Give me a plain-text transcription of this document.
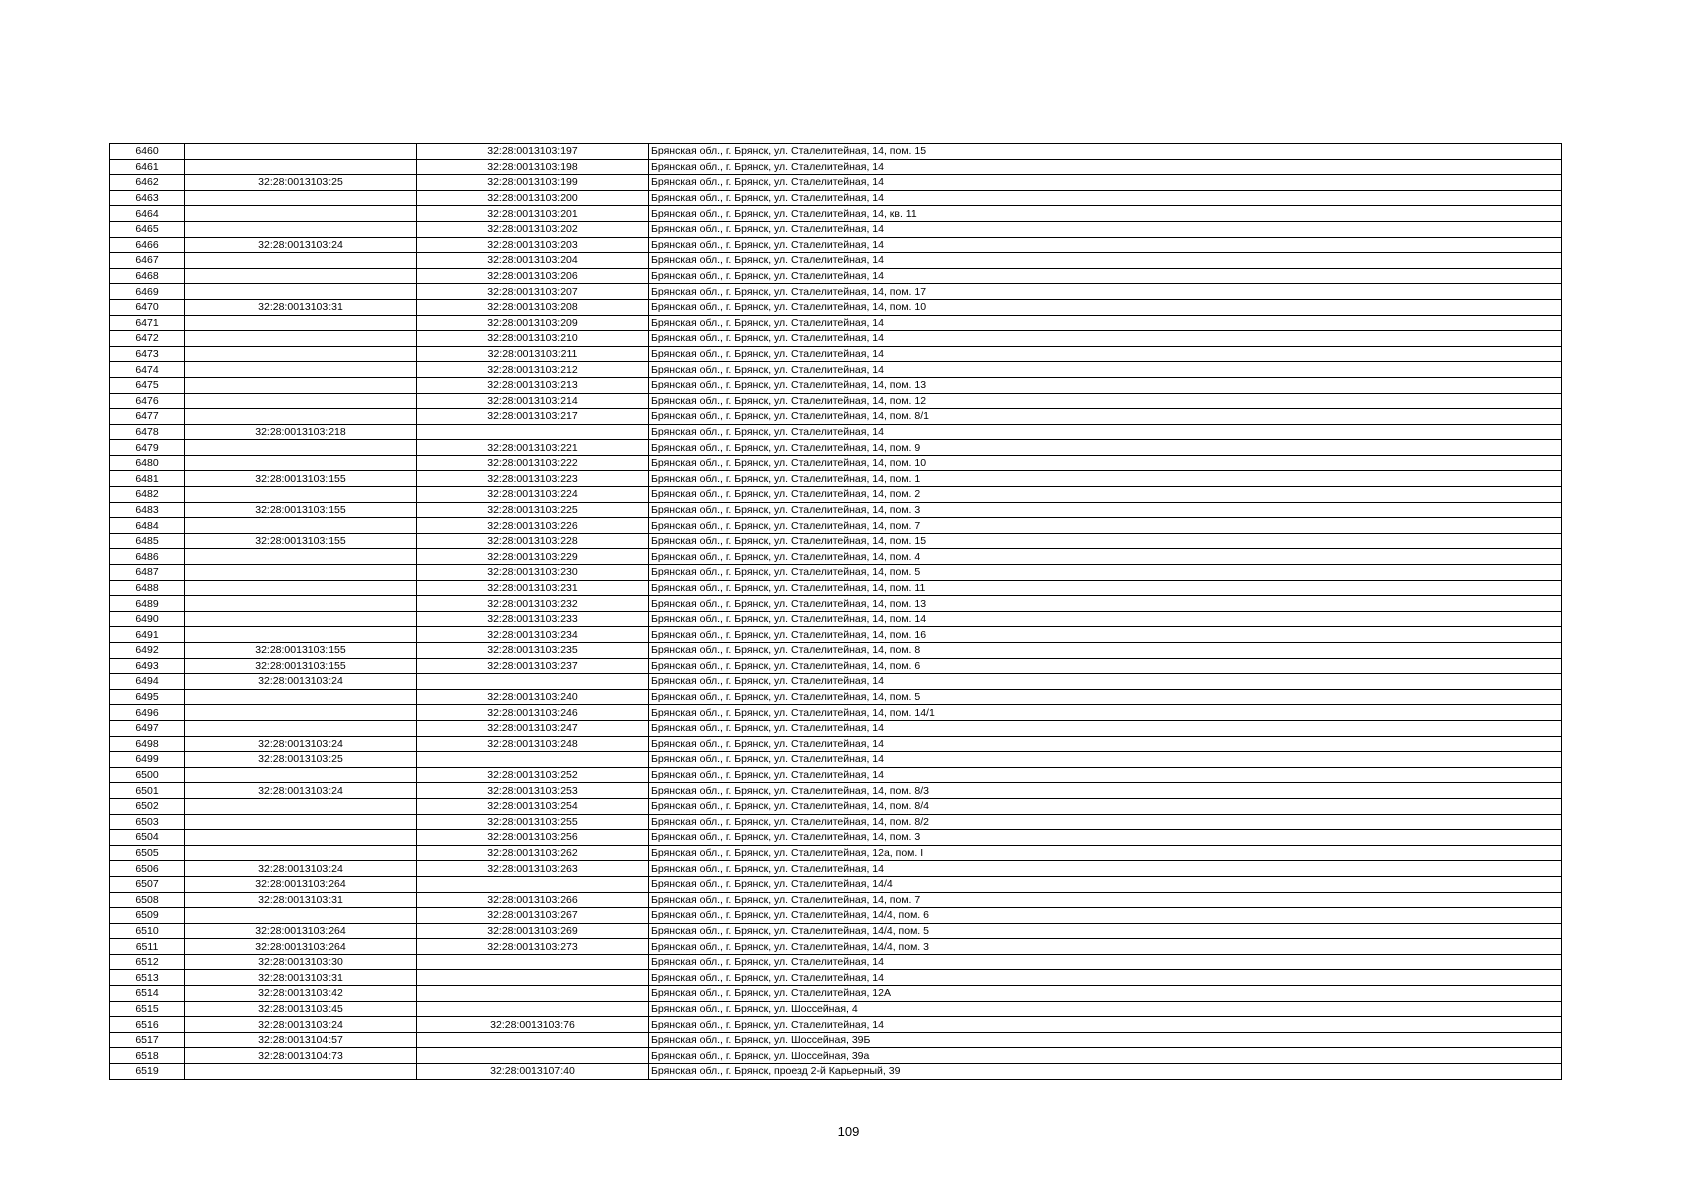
6460		32:28:0013103:197	Брянская обл., г. Брянск, ул. Сталелитейная, 14, пом. 15
6461		32:28:0013103:198	Брянская обл., г. Брянск, ул. Сталелитейная, 14
6462	32:28:0013103:25	32:28:0013103:199	Брянская обл., г. Брянск, ул. Сталелитейная, 14
6463		32:28:0013103:200	Брянская обл., г. Брянск, ул. Сталелитейная, 14
6464		32:28:0013103:201	Брянская обл., г. Брянск, ул. Сталелитейная, 14, кв. 11
6465		32:28:0013103:202	Брянская обл., г. Брянск, ул. Сталелитейная, 14
6466	32:28:0013103:24	32:28:0013103:203	Брянская обл., г. Брянск, ул. Сталелитейная, 14
6467		32:28:0013103:204	Брянская обл., г. Брянск, ул. Сталелитейная, 14
6468		32:28:0013103:206	Брянская обл., г. Брянск, ул. Сталелитейная, 14
6469		32:28:0013103:207	Брянская обл., г. Брянск, ул. Сталелитейная, 14, пом. 17
6470	32:28:0013103:31	32:28:0013103:208	Брянская обл., г. Брянск, ул. Сталелитейная, 14, пом. 10
6471		32:28:0013103:209	Брянская обл., г. Брянск, ул. Сталелитейная, 14
6472		32:28:0013103:210	Брянская обл., г. Брянск, ул. Сталелитейная, 14
6473		32:28:0013103:211	Брянская обл., г. Брянск, ул. Сталелитейная, 14
6474		32:28:0013103:212	Брянская обл., г. Брянск, ул. Сталелитейная, 14
6475		32:28:0013103:213	Брянская обл., г. Брянск, ул. Сталелитейная, 14, пом. 13
6476		32:28:0013103:214	Брянская обл., г. Брянск, ул. Сталелитейная, 14, пом. 12
6477		32:28:0013103:217	Брянская обл., г. Брянск, ул. Сталелитейная, 14, пом. 8/1
6478	32:28:0013103:218		Брянская обл., г. Брянск, ул. Сталелитейная, 14
6479		32:28:0013103:221	Брянская обл., г. Брянск, ул. Сталелитейная, 14, пом. 9
6480		32:28:0013103:222	Брянская обл., г. Брянск, ул. Сталелитейная, 14, пом. 10
6481	32:28:0013103:155	32:28:0013103:223	Брянская обл., г. Брянск, ул. Сталелитейная, 14, пом. 1
6482		32:28:0013103:224	Брянская обл., г. Брянск, ул. Сталелитейная, 14, пом. 2
6483	32:28:0013103:155	32:28:0013103:225	Брянская обл., г. Брянск, ул. Сталелитейная, 14, пом. 3
6484		32:28:0013103:226	Брянская обл., г. Брянск, ул. Сталелитейная, 14, пом. 7
6485	32:28:0013103:155	32:28:0013103:228	Брянская обл., г. Брянск, ул. Сталелитейная, 14, пом. 15
6486		32:28:0013103:229	Брянская обл., г. Брянск, ул. Сталелитейная, 14, пом. 4
6487		32:28:0013103:230	Брянская обл., г. Брянск, ул. Сталелитейная, 14, пом. 5
6488		32:28:0013103:231	Брянская обл., г. Брянск, ул. Сталелитейная, 14, пом. 11
6489		32:28:0013103:232	Брянская обл., г. Брянск, ул. Сталелитейная, 14, пом. 13
6490		32:28:0013103:233	Брянская обл., г. Брянск, ул. Сталелитейная, 14, пом. 14
6491		32:28:0013103:234	Брянская обл., г. Брянск, ул. Сталелитейная, 14, пом. 16
6492	32:28:0013103:155	32:28:0013103:235	Брянская обл., г. Брянск, ул. Сталелитейная, 14, пом. 8
6493	32:28:0013103:155	32:28:0013103:237	Брянская обл., г. Брянск, ул. Сталелитейная, 14, пом. 6
6494	32:28:0013103:24		Брянская обл., г. Брянск, ул. Сталелитейная, 14
6495		32:28:0013103:240	Брянская обл., г. Брянск, ул. Сталелитейная, 14, пом. 5
6496		32:28:0013103:246	Брянская обл., г. Брянск, ул. Сталелитейная, 14, пом. 14/1
6497		32:28:0013103:247	Брянская обл., г. Брянск, ул. Сталелитейная, 14
6498	32:28:0013103:24	32:28:0013103:248	Брянская обл., г. Брянск, ул. Сталелитейная, 14
6499	32:28:0013103:25		Брянская обл., г. Брянск, ул. Сталелитейная, 14
6500		32:28:0013103:252	Брянская обл., г. Брянск, ул. Сталелитейная, 14
6501	32:28:0013103:24	32:28:0013103:253	Брянская обл., г. Брянск, ул. Сталелитейная, 14, пом. 8/3
6502		32:28:0013103:254	Брянская обл., г. Брянск, ул. Сталелитейная, 14, пом. 8/4
6503		32:28:0013103:255	Брянская обл., г. Брянск, ул. Сталелитейная, 14, пом. 8/2
6504		32:28:0013103:256	Брянская обл., г. Брянск, ул. Сталелитейная, 14, пом. 3
6505		32:28:0013103:262	Брянская обл., г. Брянск, ул. Сталелитейная, 12а, пом. I
6506	32:28:0013103:24	32:28:0013103:263	Брянская обл., г. Брянск, ул. Сталелитейная, 14
6507	32:28:0013103:264		Брянская обл., г. Брянск, ул. Сталелитейная, 14/4
6508	32:28:0013103:31	32:28:0013103:266	Брянская обл., г. Брянск, ул. Сталелитейная, 14, пом. 7
6509		32:28:0013103:267	Брянская обл., г. Брянск, ул. Сталелитейная, 14/4, пом. 6
6510	32:28:0013103:264	32:28:0013103:269	Брянская обл., г. Брянск, ул. Сталелитейная, 14/4, пом. 5
6511	32:28:0013103:264	32:28:0013103:273	Брянская обл., г. Брянск, ул. Сталелитейная, 14/4, пом. 3
6512	32:28:0013103:30		Брянская обл., г. Брянск, ул. Сталелитейная, 14
6513	32:28:0013103:31		Брянская обл., г. Брянск, ул. Сталелитейная, 14
6514	32:28:0013103:42		Брянская обл., г. Брянск, ул. Сталелитейная, 12А
6515	32:28:0013103:45		Брянская обл., г. Брянск, ул. Шоссейная, 4
6516	32:28:0013103:24	32:28:0013103:76	Брянская обл., г. Брянск, ул. Сталелитейная, 14
6517	32:28:0013104:57		Брянская обл., г. Брянск, ул. Шоссейная, 39Б
6518	32:28:0013104:73		Брянская обл., г. Брянск, ул. Шоссейная, 39а
6519		32:28:0013107:40	Брянская обл., г. Брянск, проезд 2-й Карьерный, 39
109
